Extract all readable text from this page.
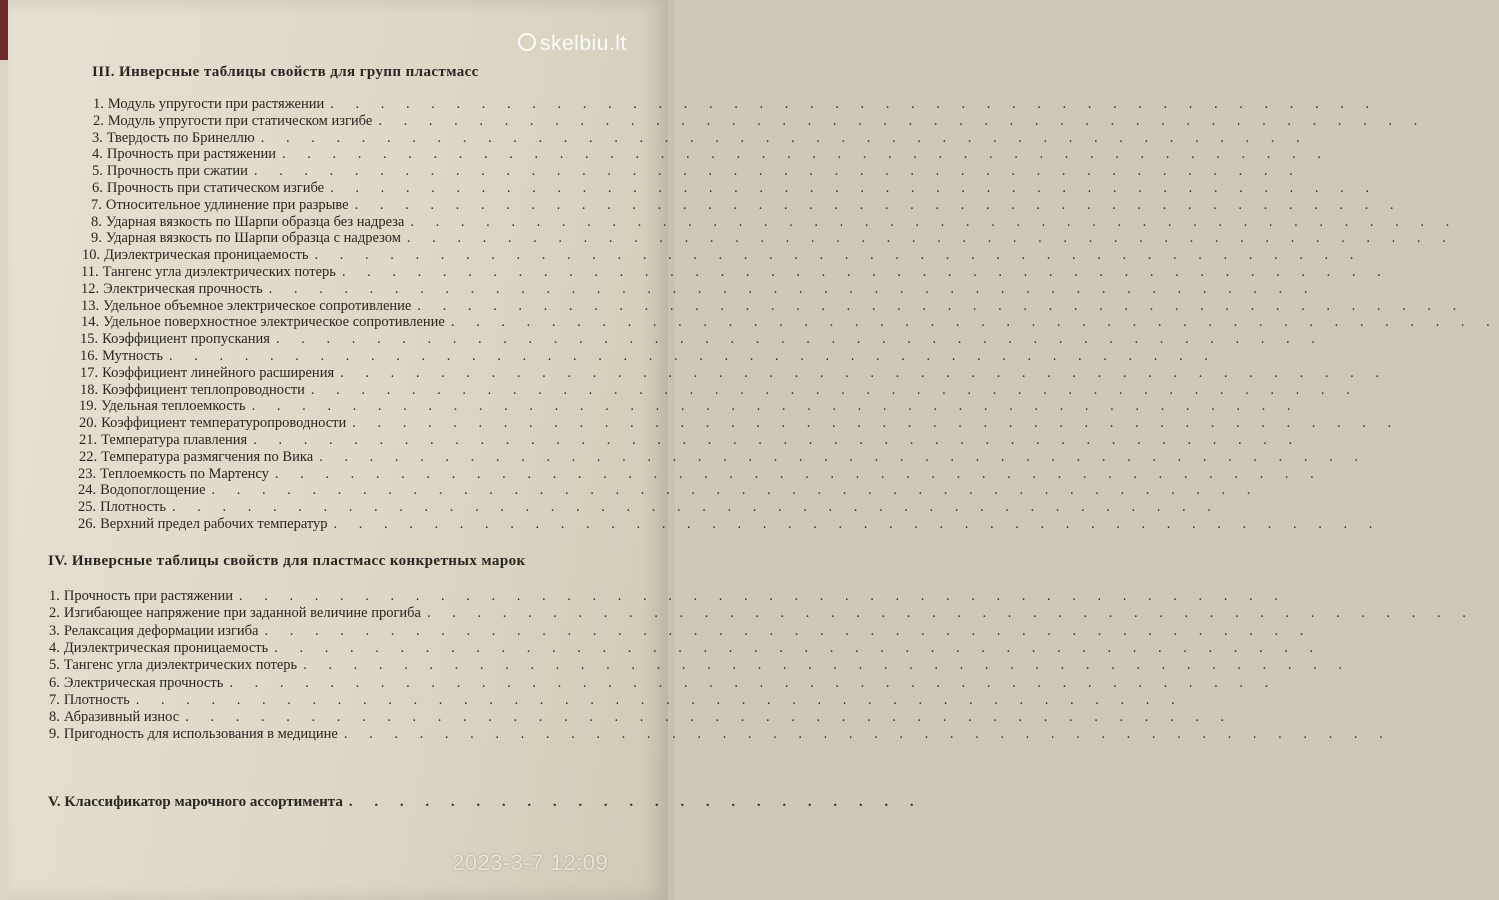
skelbiu.lt
III. Инверсные таблицы свойств для групп пластмасс
1. Модуль упругости при растяжении . . . . . . . . . . . . . . . . . . . . . . . . . . . . . . . . . . . . . . . . . .
2. Модуль упругости при статическом изгибе . . . . . . . . . . . . . . . . . . . . . . . . . . . . . . . . . . . . . . . . . .
3. Твердость по Бринеллю . . . . . . . . . . . . . . . . . . . . . . . . . . . . . . . . . . . . . . . . . .
4. Прочность при растяжении . . . . . . . . . . . . . . . . . . . . . . . . . . . . . . . . . . . . . . . . . .
5. Прочность при сжатии . . . . . . . . . . . . . . . . . . . . . . . . . . . . . . . . . . . . . . . . . .
6. Прочность при статическом изгибе . . . . . . . . . . . . . . . . . . . . . . . . . . . . . . . . . . . . . . . . . .
7. Относительное удлинение при разрыве . . . . . . . . . . . . . . . . . . . . . . . . . . . . . . . . . . . . . . . . . .
8. Ударная вязкость по Шарпи образца без надреза . . . . . . . . . . . . . . . . . . . . . . . . . . . . . . . . . . . . . . . . . .
9. Ударная вязкость по Шарпи образца с надрезом . . . . . . . . . . . . . . . . . . . . . . . . . . . . . . . . . . . . . . . . . .
10. Диэлектрическая проницаемость . . . . . . . . . . . . . . . . . . . . . . . . . . . . . . . . . . . . . . . . . .
11. Тангенс угла диэлектрических потерь . . . . . . . . . . . . . . . . . . . . . . . . . . . . . . . . . . . . . . . . . .
12. Электрическая прочность . . . . . . . . . . . . . . . . . . . . . . . . . . . . . . . . . . . . . . . . . .
13. Удельное объемное электрическое сопротивление . . . . . . . . . . . . . . . . . . . . . . . . . . . . . . . . . . . . . . . . . .
14. Удельное поверхностное электрическое сопротивление . . . . . . . . . . . . . . . . . . . . . . . . . . . . . . . . . . . . . . . . . .
15. Коэффициент пропускания . . . . . . . . . . . . . . . . . . . . . . . . . . . . . . . . . . . . . . . . . .
16. Мутность . . . . . . . . . . . . . . . . . . . . . . . . . . . . . . . . . . . . . . . . . .
17. Коэффициент линейного расширения . . . . . . . . . . . . . . . . . . . . . . . . . . . . . . . . . . . . . . . . . .
18. Коэффициент теплопроводности . . . . . . . . . . . . . . . . . . . . . . . . . . . . . . . . . . . . . . . . . .
19. Удельная теплоемкость . . . . . . . . . . . . . . . . . . . . . . . . . . . . . . . . . . . . . . . . . .
20. Коэффициент температуропроводности . . . . . . . . . . . . . . . . . . . . . . . . . . . . . . . . . . . . . . . . . .
21. Температура плавления . . . . . . . . . . . . . . . . . . . . . . . . . . . . . . . . . . . . . . . . . .
22. Температура размягчения по Вика . . . . . . . . . . . . . . . . . . . . . . . . . . . . . . . . . . . . . . . . . .
23. Теплоемкость по Мартенсу . . . . . . . . . . . . . . . . . . . . . . . . . . . . . . . . . . . . . . . . . .
24. Водопоглощение . . . . . . . . . . . . . . . . . . . . . . . . . . . . . . . . . . . . . . . . . .
25. Плотность . . . . . . . . . . . . . . . . . . . . . . . . . . . . . . . . . . . . . . . . . .
26. Верхний предел рабочих температур . . . . . . . . . . . . . . . . . . . . . . . . . . . . . . . . . . . . . . . . . .
IV. Инверсные таблицы свойств для пластмасс конкретных марок
1. Прочность при растяжении . . . . . . . . . . . . . . . . . . . . . . . . . . . . . . . . . . . . . . . . . .
2. Изгибающее напряжение при заданной величине прогиба . . . . . . . . . . . . . . . . . . . . . . . . . . . . . . . . . . . . . . . . . .
3. Релаксация деформации изгиба . . . . . . . . . . . . . . . . . . . . . . . . . . . . . . . . . . . . . . . . . .
4. Диэлектрическая проницаемость . . . . . . . . . . . . . . . . . . . . . . . . . . . . . . . . . . . . . . . . . .
5. Тангенс угла диэлектрических потерь . . . . . . . . . . . . . . . . . . . . . . . . . . . . . . . . . . . . . . . . . .
6. Электрическая прочность . . . . . . . . . . . . . . . . . . . . . . . . . . . . . . . . . . . . . . . . . .
7. Плотность . . . . . . . . . . . . . . . . . . . . . . . . . . . . . . . . . . . . . . . . . .
8. Абразивный износ . . . . . . . . . . . . . . . . . . . . . . . . . . . . . . . . . . . . . . . . . .
9. Пригодность для использования в медицине . . . . . . . . . . . . . . . . . . . . . . . . . . . . . . . . . . . . . . . . . .
V. Классификатор марочного ассортимента . . . . . . . . . . . . . . . . . . . . . . .
2023-3-7 12:09
